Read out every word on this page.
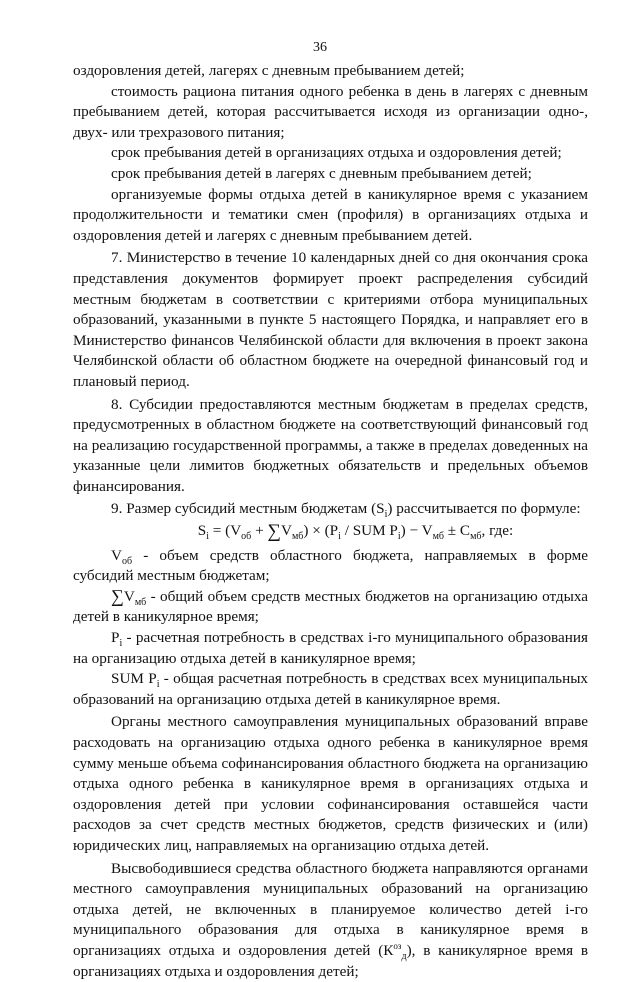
36

оздоровления детей, лагерях с дневным пребыванием детей;

стоимость рациона питания одного ребенка в день в лагерях с дневным пребыванием детей, которая рассчитывается исходя из организации одно-, двух- или трехразового питания;

срок пребывания детей в организациях отдыха и оздоровления детей;

срок пребывания детей в лагерях с дневным пребыванием детей;

организуемые формы отдыха детей в каникулярное время с указанием продолжительности и тематики смен (профиля) в организациях отдыха и оздоровления детей и лагерях с дневным пребыванием детей.

7. Министерство в течение 10 календарных дней со дня окончания срока представления документов формирует проект распределения субсидий местным бюджетам в соответствии с критериями отбора муниципальных образований, указанными в пункте 5 настоящего Порядка, и направляет его в Министерство финансов Челябинской области для включения в проект закона Челябинской области об областном бюджете на очередной финансовый год и плановый период.

8. Субсидии предоставляются местным бюджетам в пределах средств, предусмотренных в областном бюджете на соответствующий финансовый год на реализацию государственной программы, а также в пределах доведенных на указанные цели лимитов бюджетных обязательств и предельных объемов финансирования.

9. Размер субсидий местным бюджетам $(S_i)$ рассчитывается по формуле:

$S_i = (V_{об} + \sum V_{мб}) \times (P_i$ / SUM $P_i) - V_{мб} \pm C_{мб}$, где:

$V_{об}$ - объем средств областного бюджета, направляемых в форме субсидий местным бюджетам;

$\sum V_{мб}$ - общий объем средств местных бюджетов на организацию отдыха детей в каникулярное время;

$P_i$ - расчетная потребность в средствах i-го муниципального образования на организацию отдыха детей в каникулярное время;

SUM $P_i$ - общая расчетная потребность в средствах всех муниципальных образований на организацию отдыха детей в каникулярное время.

Органы местного самоуправления муниципальных образований вправе расходовать на организацию отдыха одного ребенка в каникулярное время сумму меньше объема софинансирования областного бюджета на организацию отдыха одного ребенка в каникулярное время в организациях отдыха и оздоровления детей при условии софинансирования оставшейся части расходов за счет средств местных бюджетов, средств физических и (или) юридических лиц, направляемых на организацию отдыха детей.

Высвободившиеся средства областного бюджета направляются органами местного самоуправления муниципальных образований на организацию отдыха детей, не включенных в планируемое количество детей i-го муниципального образования для отдыха в каникулярное время в организациях отдыха и оздоровления детей $(К^{оз}_д)$, в каникулярное время в организациях отдыха и оздоровления детей;
